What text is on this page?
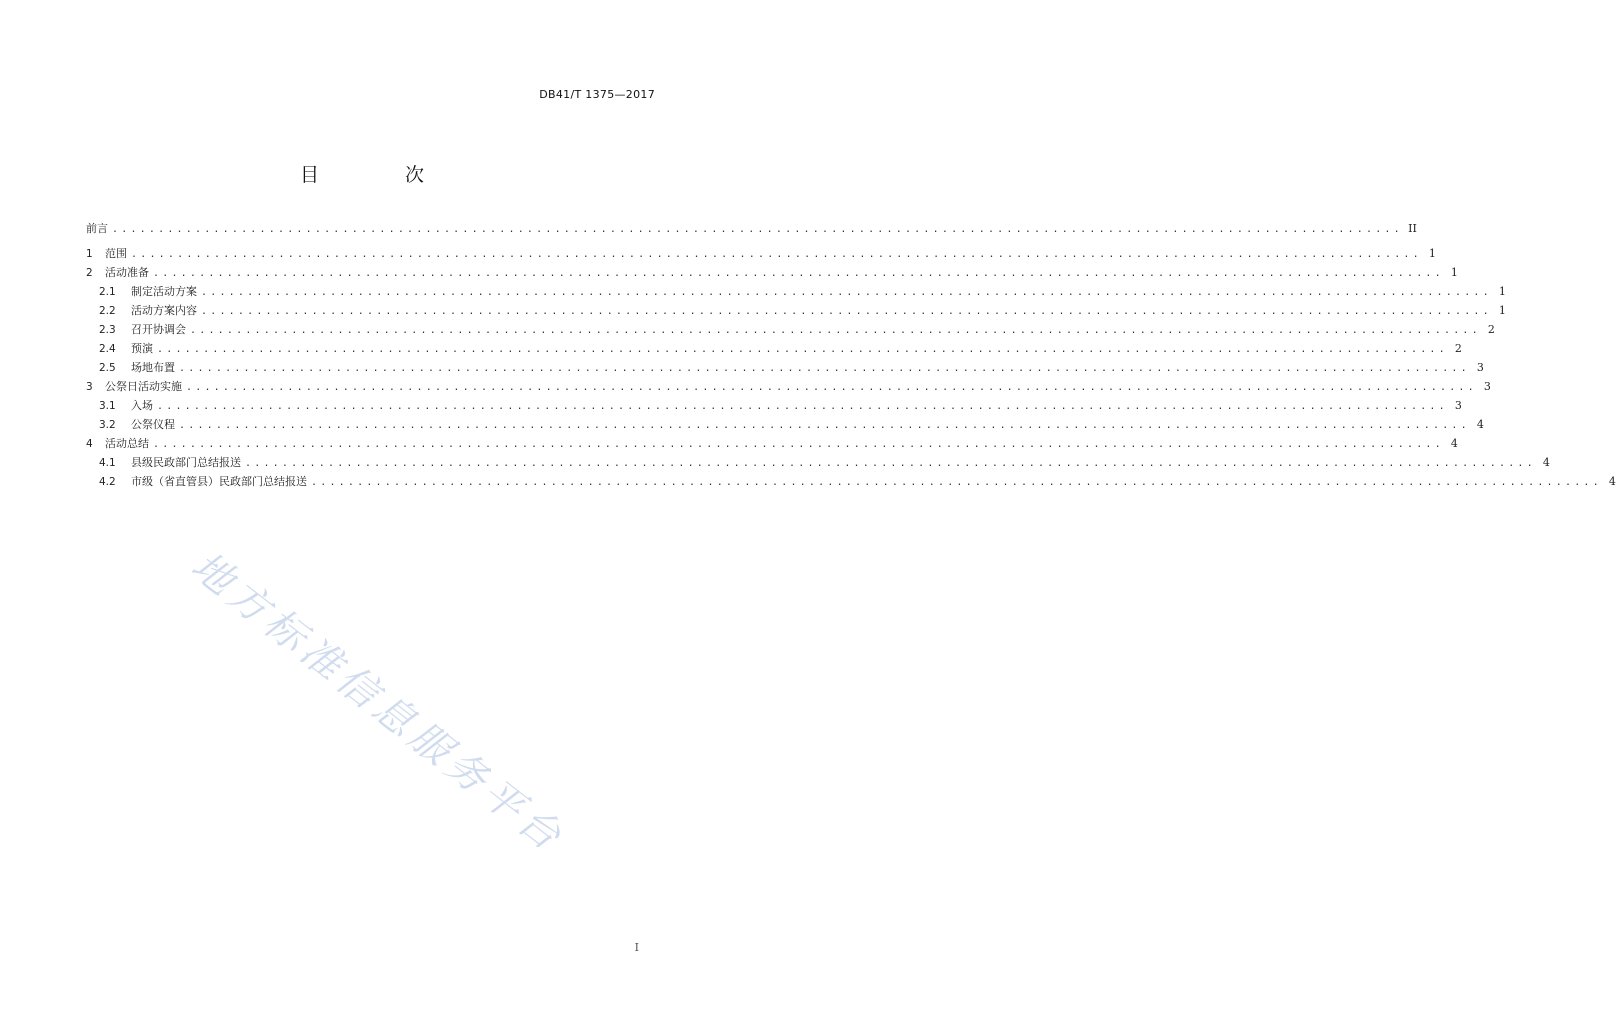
DB41/T 1375—2017
目 次
前言 ............................................................................................................................................ II
1	范围 ............................................................................................................................................ 1
2	活动准备 ............................................................................................................................................ 1
2.1	制定活动方案 ............................................................................................................................................ 1
2.2	活动方案内容 ............................................................................................................................................ 1
2.3	召开协调会 ............................................................................................................................................ 2
2.4	预演 ............................................................................................................................................ 2
2.5	场地布置 ............................................................................................................................................ 3
3	公祭日活动实施 ............................................................................................................................................ 3
3.1	入场 ............................................................................................................................................ 3
3.2	公祭仪程 ............................................................................................................................................ 4
4	活动总结 ............................................................................................................................................ 4
4.1	县级民政部门总结报送 ............................................................................................................................................ 4
4.2	市级（省直管县）民政部门总结报送 ............................................................................................................................................ 4
地方标准信息服务平台
I
